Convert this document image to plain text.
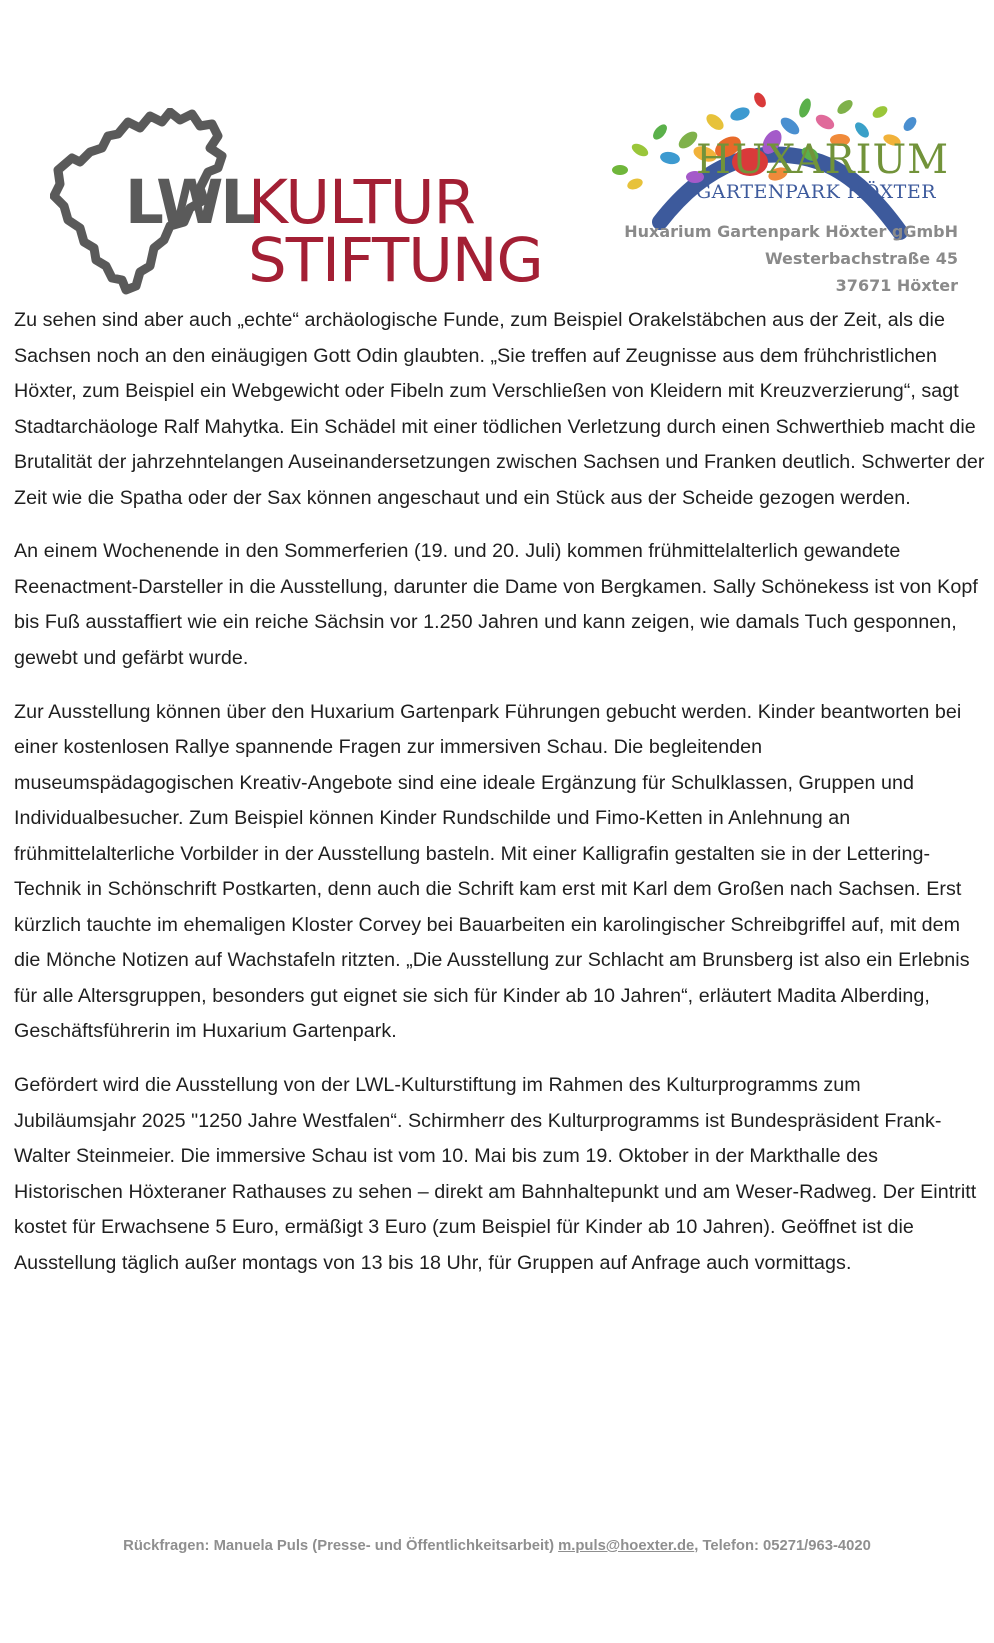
LWL
KULTUR
STIFTUNG
HUXARIUM
GARTENPARK HÖXTER
Huxarium Gartenpark Höxter gGmbH
Westerbachstraße 45
37671 Höxter

Zu sehen sind aber auch „echte“ archäologische Funde, zum Beispiel Orakelstäbchen aus der Zeit, als die Sachsen noch an den einäugigen Gott Odin glaubten. „Sie treffen auf Zeugnisse aus dem frühchristlichen Höxter, zum Beispiel ein Webgewicht oder Fibeln zum Verschließen von Kleidern mit Kreuzverzierung“, sagt Stadtarchäologe Ralf Mahytka. Ein Schädel mit einer tödlichen Verletzung durch einen Schwerthieb macht die Brutalität der jahrzehntelangen Auseinandersetzungen zwischen Sachsen und Franken deutlich. Schwerter der Zeit wie die Spatha oder der Sax können angeschaut und ein Stück aus der Scheide gezogen werden.

An einem Wochenende in den Sommerferien (19. und 20. Juli) kommen frühmittelalterlich gewandete Reenactment-Darsteller in die Ausstellung, darunter die Dame von Bergkamen. Sally Schönekess ist von Kopf bis Fuß ausstaffiert wie ein reiche Sächsin vor 1.250 Jahren und kann zeigen, wie damals Tuch gesponnen, gewebt und gefärbt wurde.

Zur Ausstellung können über den Huxarium Gartenpark Führungen gebucht werden. Kinder beantworten bei einer kostenlosen Rallye spannende Fragen zur immersiven Schau. Die begleitenden museumspädagogischen Kreativ-Angebote sind eine ideale Ergänzung für Schulklassen, Gruppen und Individualbesucher. Zum Beispiel können Kinder Rundschilde und Fimo-Ketten in Anlehnung an frühmittelalterliche Vorbilder in der Ausstellung basteln. Mit einer Kalligrafin gestalten sie in der Lettering-Technik in Schönschrift Postkarten, denn auch die Schrift kam erst mit Karl dem Großen nach Sachsen. Erst kürzlich tauchte im ehemaligen Kloster Corvey bei Bauarbeiten ein karolingischer Schreibgriffel auf, mit dem die Mönche Notizen auf Wachstafeln ritzten. „Die Ausstellung zur Schlacht am Brunsberg ist also ein Erlebnis für alle Altersgruppen, besonders gut eignet sie sich für Kinder ab 10 Jahren“, erläutert Madita Alberding, Geschäftsführerin im Huxarium Gartenpark.

Gefördert wird die Ausstellung von der LWL-Kulturstiftung im Rahmen des Kulturprogramms zum Jubiläumsjahr 2025 "1250 Jahre Westfalen“. Schirmherr des Kulturprogramms ist Bundespräsident Frank-Walter Steinmeier. Die immersive Schau ist vom 10. Mai bis zum 19. Oktober in der Markthalle des Historischen Höxteraner Rathauses zu sehen – direkt am Bahnhaltepunkt und am Weser-Radweg. Der Eintritt kostet für Erwachsene 5 Euro, ermäßigt 3 Euro (zum Beispiel für Kinder ab 10 Jahren). Geöffnet ist die Ausstellung täglich außer montags von 13 bis 18 Uhr, für Gruppen auf Anfrage auch vormittags.

Rückfragen: Manuela Puls (Presse- und Öffentlichkeitsarbeit) m.puls@hoexter.de, Telefon: 05271/963-4020
